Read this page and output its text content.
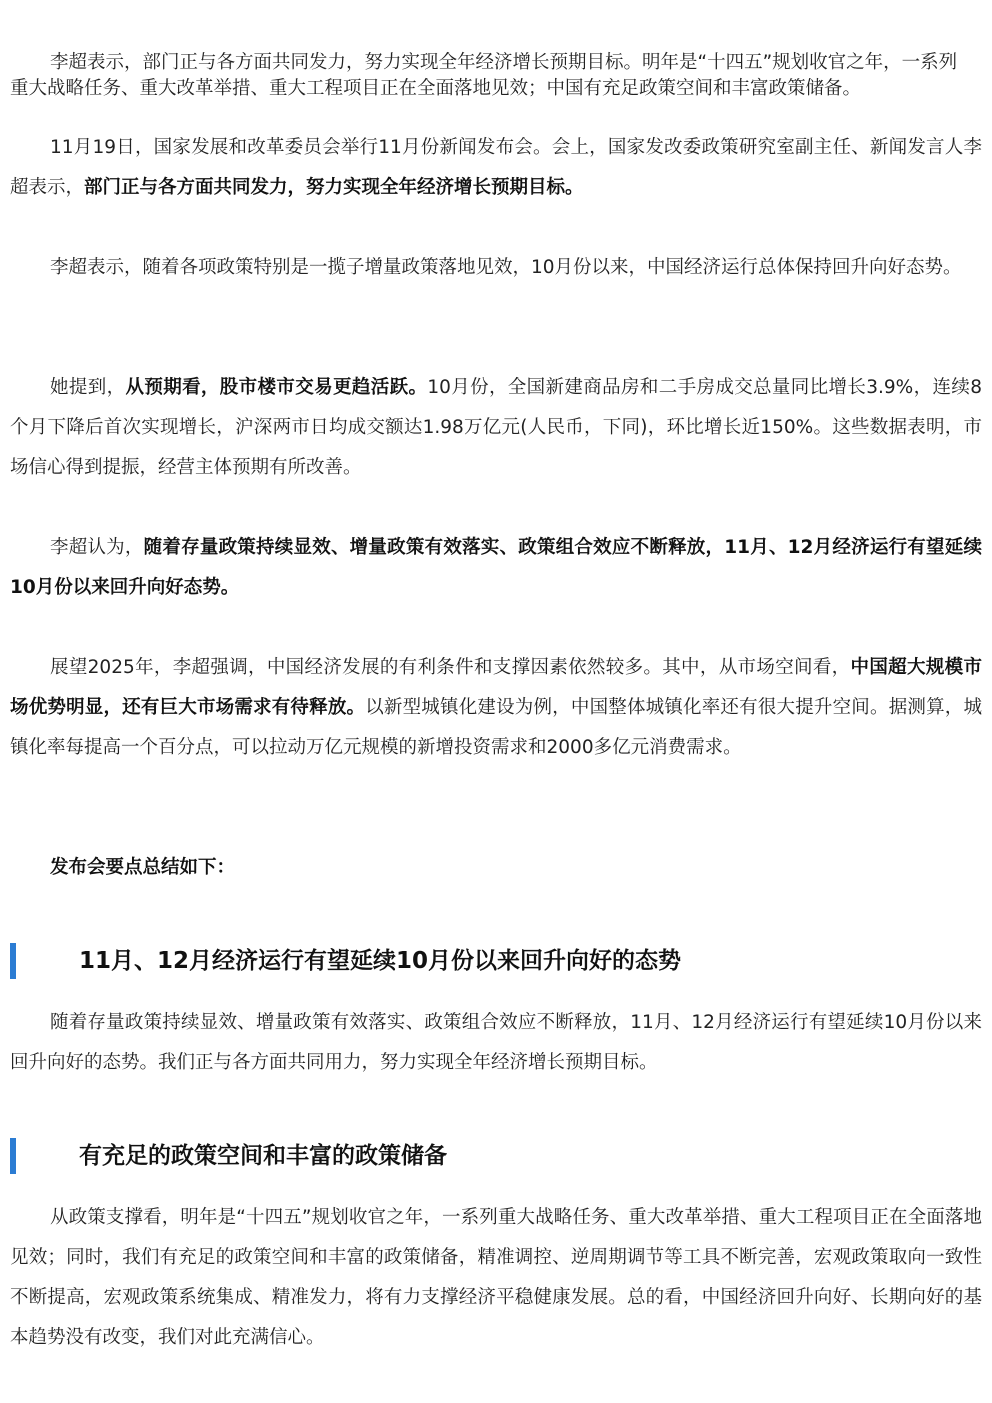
李超表示，部门正与各方面共同发力，努力实现全年经济增长预期目标。明年是“十四五”规划收官之年，一系列重大战略任务、重大改革举措、重大工程项目正在全面落地见效；中国有充足政策空间和丰富政策储备。

11月19日，国家发展和改革委员会举行11月份新闻发布会。会上，国家发改委政策研究室副主任、新闻发言人李超表示，部门正与各方面共同发力，努力实现全年经济增长预期目标。

李超表示，随着各项政策特别是一揽子增量政策落地见效，10月份以来，中国经济运行总体保持回升向好态势。

她提到，从预期看，股市楼市交易更趋活跃。10月份，全国新建商品房和二手房成交总量同比增长3.9%，连续8个月下降后首次实现增长，沪深两市日均成交额达1.98万亿元(人民币，下同)，环比增长近150%。这些数据表明，市场信心得到提振，经营主体预期有所改善。

李超认为，随着存量政策持续显效、增量政策有效落实、政策组合效应不断释放，11月、12月经济运行有望延续10月份以来回升向好态势。

展望2025年，李超强调，中国经济发展的有利条件和支撑因素依然较多。其中，从市场空间看，中国超大规模市场优势明显，还有巨大市场需求有待释放。以新型城镇化建设为例，中国整体城镇化率还有很大提升空间。据测算，城镇化率每提高一个百分点，可以拉动万亿元规模的新增投资需求和2000多亿元消费需求。

发布会要点总结如下：

11月、12月经济运行有望延续10月份以来回升向好的态势

随着存量政策持续显效、增量政策有效落实、政策组合效应不断释放，11月、12月经济运行有望延续10月份以来回升向好的态势。我们正与各方面共同用力，努力实现全年经济增长预期目标。

有充足的政策空间和丰富的政策储备

从政策支撑看，明年是“十四五”规划收官之年，一系列重大战略任务、重大改革举措、重大工程项目正在全面落地见效；同时，我们有充足的政策空间和丰富的政策储备，精准调控、逆周期调节等工具不断完善，宏观政策取向一致性不断提高，宏观政策系统集成、精准发力，将有力支撑经济平稳健康发展。总的看，中国经济回升向好、长期向好的基本趋势没有改变，我们对此充满信心。
